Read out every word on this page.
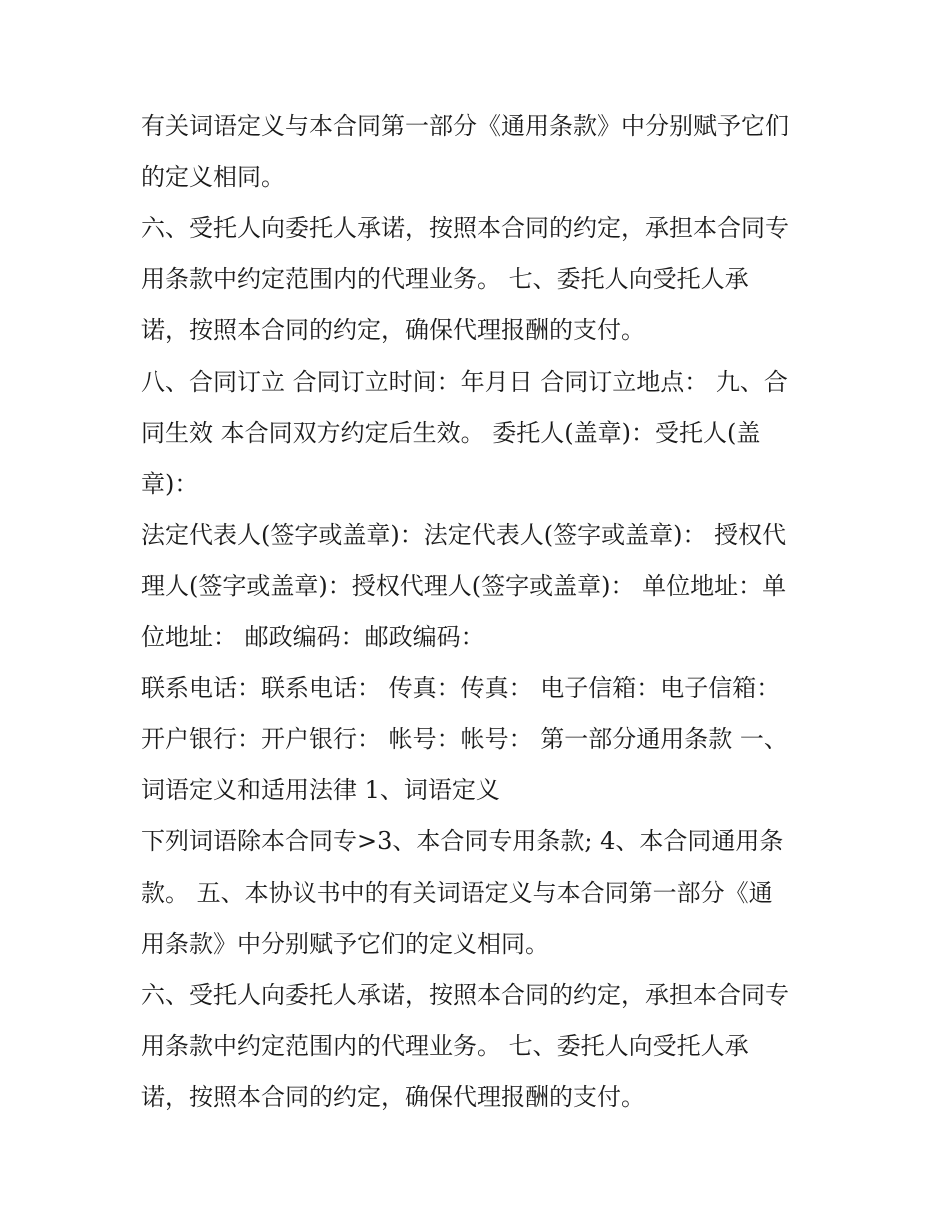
有关词语定义与本合同第一部分《通用条款》中分别赋予它们
的定义相同。
六、受托人向委托人承诺，按照本合同的约定，承担本合同专
用条款中约定范围内的代理业务。 七、委托人向受托人承
诺，按照本合同的约定，确保代理报酬的支付。
八、合同订立 合同订立时间：年月日 合同订立地点： 九、合
同生效 本合同双方约定后生效。 委托人(盖章)：受托人(盖
章)：
法定代表人(签字或盖章)：法定代表人(签字或盖章)： 授权代
理人(签字或盖章)：授权代理人(签字或盖章)： 单位地址：单
位地址： 邮政编码：邮政编码：
联系电话：联系电话： 传真：传真： 电子信箱：电子信箱：
开户银行：开户银行： 帐号：帐号： 第一部分通用条款 一、
词语定义和适用法律 1、词语定义
下列词语除本合同专>3、本合同专用条款; 4、本合同通用条
款。 五、本协议书中的有关词语定义与本合同第一部分《通
用条款》中分别赋予它们的定义相同。
六、受托人向委托人承诺，按照本合同的约定，承担本合同专
用条款中约定范围内的代理业务。 七、委托人向受托人承
诺，按照本合同的约定，确保代理报酬的支付。
